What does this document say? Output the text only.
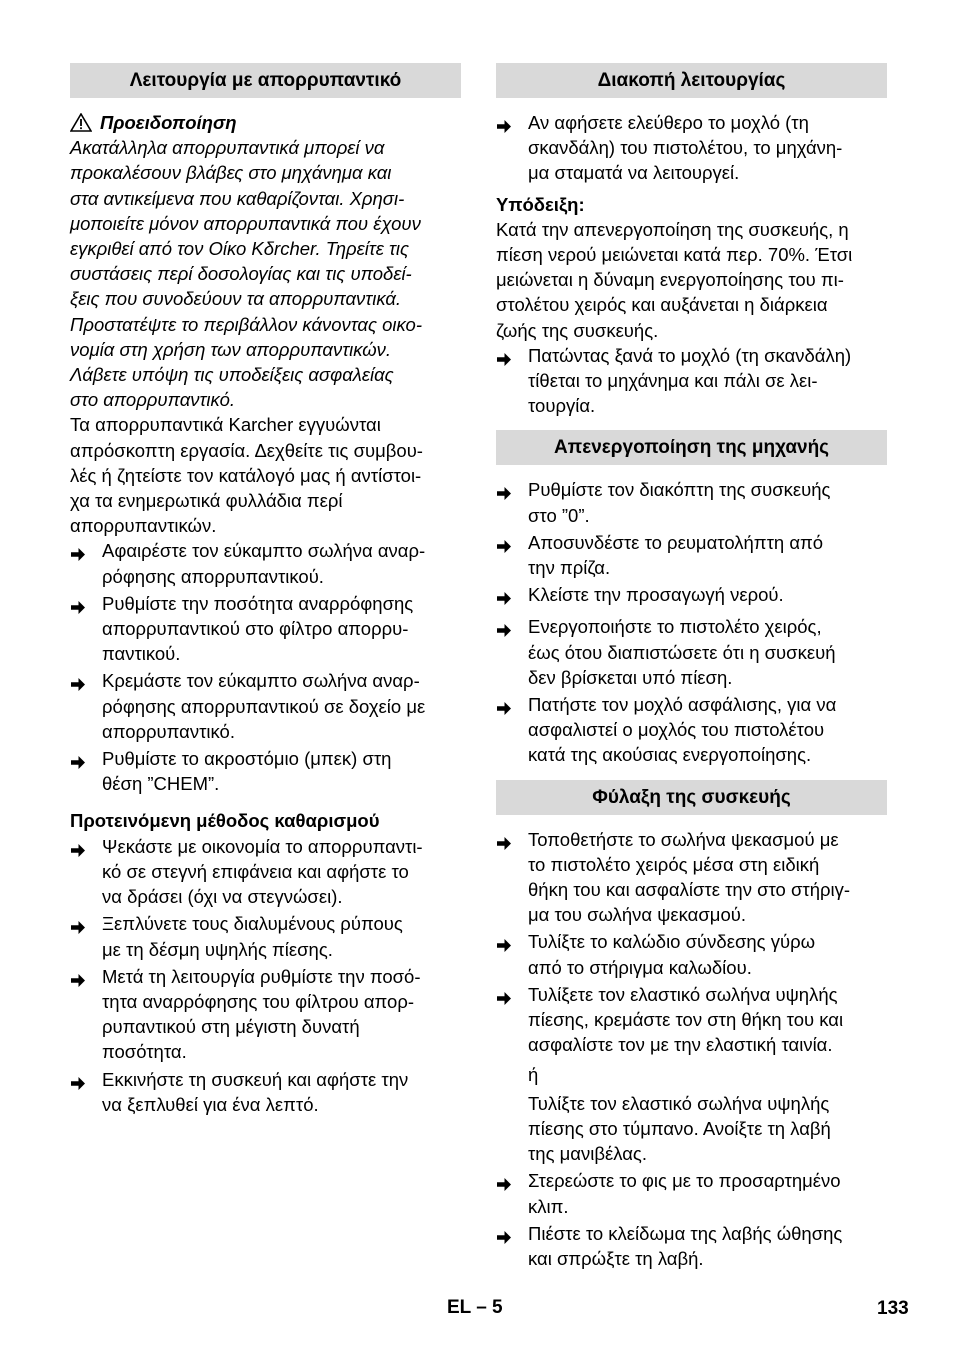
Λειτουργία με απορρυπαντικό
Προειδοποίηση
Ακατάλληλα απορρυπαντικά μπορεί να
προκαλέσουν βλάβες στο μηχάνημα και
στα αντικείμενα που καθαρίζονται. Χρησι-
μοποιείτε μόνον απορρυπαντικά που έχουν
εγκριθεί από τον Οίκο Kδrcher. Τηρείτε τις
συστάσεις περί δοσολογίας και τις υποδεί-
ξεις που συνοδεύουν τα απορρυπαντικά.
Προστατέψτε το περιβάλλον κάνοντας οικο-
νομία στη χρήση των απορρυπαντικών.
Λάβετε υπόψη τις υποδείξεις ασφαλείας
στο απορρυπαντικό.
Τα απορρυπαντικά Karcher εγγυώνται
απρόσκοπτη εργασία. Δεχθείτε τις συμβου-
λές ή ζητείστε τον κατάλογό μας ή αντίστοι-
χα τα ενημερωτικά φυλλάδια περί
απορρυπαντικών.
Αφαιρέστε τον εύκαμπτο σωλήνα αναρ-
ρόφησης απορρυπαντικού.
Ρυθμίστε την ποσότητα αναρρόφησης
απορρυπαντικού στο φίλτρο απορρυ-
παντικού.
Κρεμάστε τον εύκαμπτο σωλήνα αναρ-
ρόφησης απορρυπαντικού σε δοχείο με
απορρυπαντικό.
Ρυθμίστε το ακροστόμιο (μπεκ) στη
θέση ”CHEM”.
Προτεινόμενη μέθοδος καθαρισμού
Ψεκάστε με οικονομία το απορρυπαντι-
κό σε στεγνή επιφάνεια και αφήστε το
να δράσει (όχι να στεγνώσει).
Ξεπλύνετε τους διαλυμένους ρύπους
με τη δέσμη υψηλής πίεσης.
Μετά τη λειτουργία ρυθμίστε την ποσό-
τητα αναρρόφησης του φίλτρου απορ-
ρυπαντικού στη μέγιστη δυνατή
ποσότητα.
Εκκινήστε τη συσκευή και αφήστε την
να ξεπλυθεί για ένα λεπτό.
Διακοπή λειτουργίας
Αν αφήσετε ελεύθερο το μοχλό (τη
σκανδάλη) του πιστολέτου, το μηχάνη-
μα σταματά να λειτουργεί.
Υπόδειξη:
Κατά την απενεργοποίηση της συσκευής, η
πίεση νερού μειώνεται κατά περ. 70%. Έτσι
μειώνεται η δύναμη ενεργοποίησης του πι-
στολέτου χειρός και αυξάνεται η διάρκεια
ζωής της συσκευής.
Πατώντας ξανά το μοχλό (τη σκανδάλη)
τίθεται το μηχάνημα και πάλι σε λει-
τουργία.
Απενεργοποίηση της μηχανής
Ρυθμίστε τον διακόπτη της συσκευής
στο ”0”.
Αποσυνδέστε το ρευματολήπτη από
την πρίζα.
Κλείστε την προσαγωγή νερού.
Ενεργοποιήστε το πιστολέτο χειρός,
έως ότου διαπιστώσετε ότι η συσκευή
δεν βρίσκεται υπό πίεση.
Πατήστε τον μοχλό ασφάλισης, για να
ασφαλιστεί ο μοχλός του πιστολέτου
κατά της ακούσιας ενεργοποίησης.
Φύλαξη της συσκευής
Τοποθετήστε το σωλήνα ψεκασμού με
το πιστολέτο χειρός μέσα στη ειδική
θήκη του και ασφαλίστε την στο στήριγ-
μα του σωλήνα ψεκασμού.
Τυλίξτε το καλώδιο σύνδεσης γύρω
από το στήριγμα καλωδίου.
Τυλίξετε τον ελαστικό σωλήνα υψηλής
πίεσης, κρεμάστε τον στη θήκη του και
ασφαλίστε τον με την ελαστική ταινία.
ή
Τυλίξτε τον ελαστικό σωλήνα υψηλής
πίεσης στο τύμπανο. Ανοίξτε τη λαβή
της μανιβέλας.
Στερεώστε το φις με το προσαρτημένο
κλιπ.
Πιέστε το κλείδωμα της λαβής ώθησης
και σπρώξτε τη λαβή.
EL – 5	133
